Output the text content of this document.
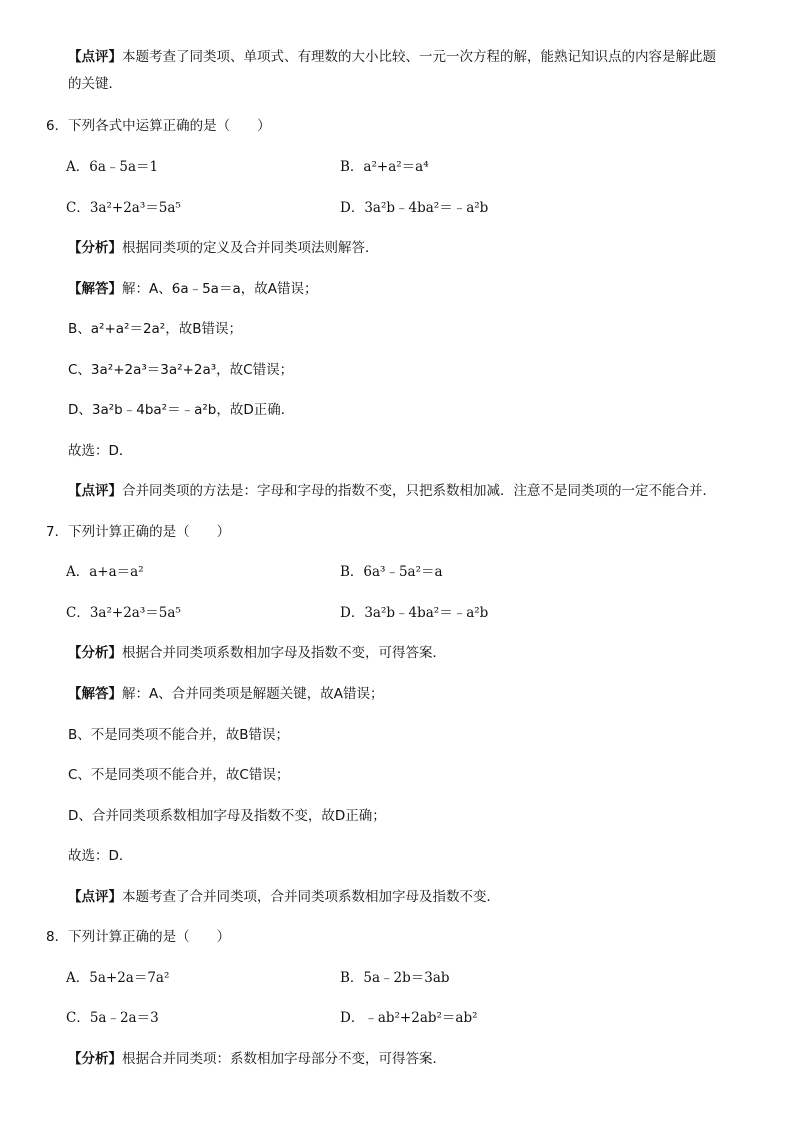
【点评】本题考查了同类项、单项式、有理数的大小比较、一元一次方程的解，能熟记知识点的内容是解此题
的关键．
6．下列各式中运算正确的是（　　）
A．6a﹣5a＝1	B．a²+a²＝a⁴
C．3a²+2a³＝5a⁵	D．3a²b﹣4ba²＝﹣a²b
【分析】根据同类项的定义及合并同类项法则解答．
【解答】解：A、6a﹣5a＝a，故A错误；
B、a²+a²＝2a²，故B错误；
C、3a²+2a³＝3a²+2a³，故C错误；
D、3a²b﹣4ba²＝﹣a²b，故D正确．
故选：D．
【点评】合并同类项的方法是：字母和字母的指数不变，只把系数相加减．注意不是同类项的一定不能合并．
7．下列计算正确的是（　　）
A．a+a＝a²	B．6a³﹣5a²＝a
C．3a²+2a³＝5a⁵	D．3a²b﹣4ba²＝﹣a²b
【分析】根据合并同类项系数相加字母及指数不变，可得答案．
【解答】解：A、合并同类项是解题关键，故A错误；
B、不是同类项不能合并，故B错误；
C、不是同类项不能合并，故C错误；
D、合并同类项系数相加字母及指数不变，故D正确；
故选：D．
【点评】本题考查了合并同类项，合并同类项系数相加字母及指数不变．
8．下列计算正确的是（　　）
A．5a+2a＝7a²	B．5a﹣2b＝3ab
C．5a﹣2a＝3	D．﹣ab²+2ab²＝ab²
【分析】根据合并同类项：系数相加字母部分不变，可得答案．
